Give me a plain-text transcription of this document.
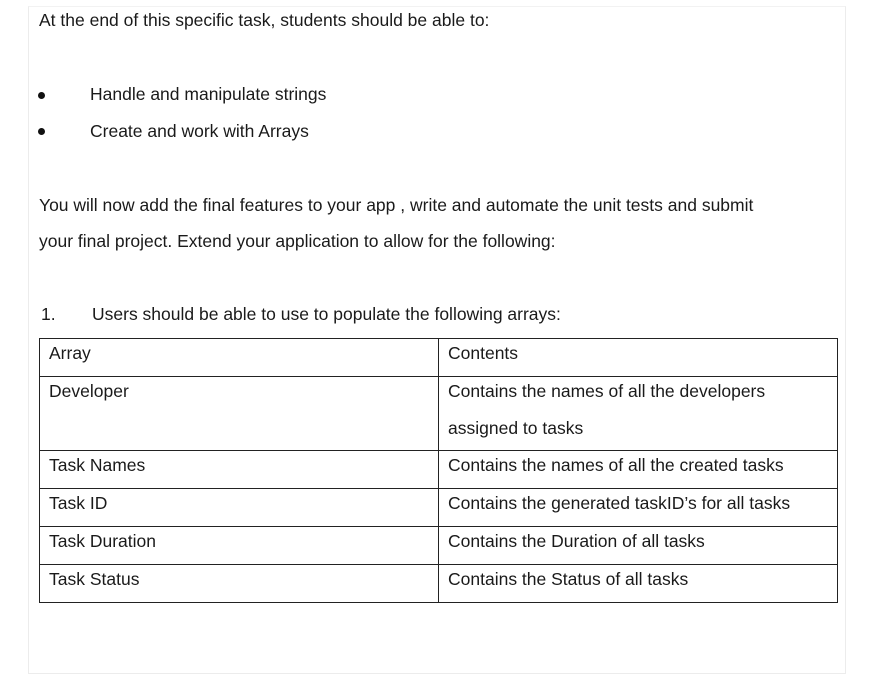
At the end of this specific task, students should be able to:
Handle and manipulate strings
Create and work with Arrays
You will now add the final features to your app , write and automate the unit tests and submit
your final project. Extend your application to allow for the following:
1. Users should be able to use to populate the following arrays:
Array	Contents

Developer	Contains the names of all the developers
assigned to tasks

Task Names	Contains the names of all the created tasks

Task ID	Contains the generated taskID’s for all tasks

Task Duration	Contains the Duration of all tasks

Task Status	Contains the Status of all tasks
